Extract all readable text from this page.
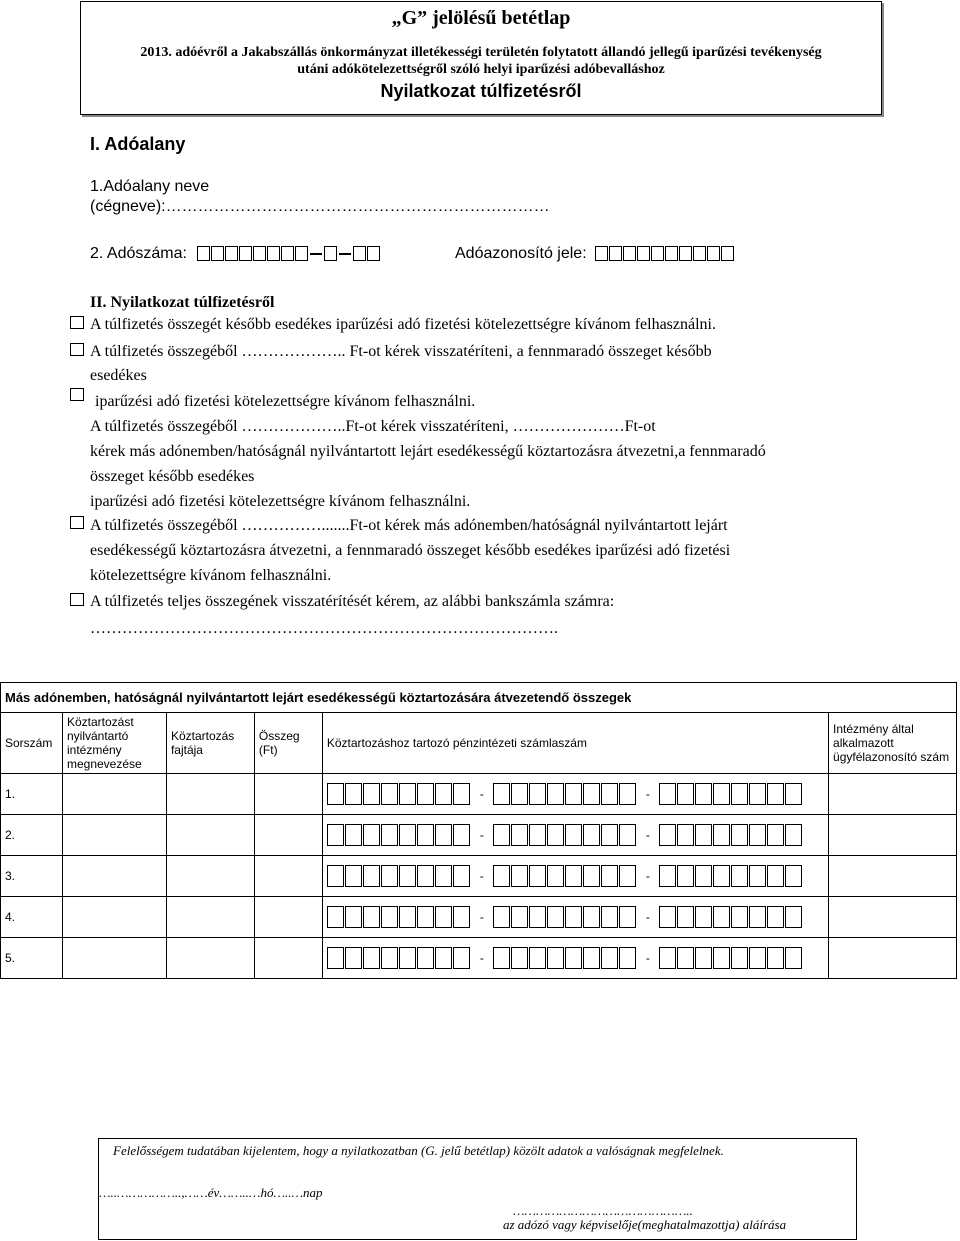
„G” jelölésű betétlap
2013. adóévről a Jakabszállás önkormányzat illetékességi területén folytatott állandó jellegű iparűzési tevékenység
utáni adókötelezettségről szóló helyi iparűzési adóbevalláshoz
Nyilatkozat túlfizetésről
I. Adóalany
1.Adóalany neve
(cégneve):………………………………………………………………
2. Adószáma:	Adóazonosító jele:
II. Nyilatkozat túlfizetésről
A túlfizetés összegét később esedékes iparűzési adó fizetési kötelezettségre kívánom felhasználni.
A túlfizetés összegéből ……………….. Ft-ot kérek visszatéríteni, a fennmaradó összeget később
esedékes
iparűzési adó fizetési kötelezettségre kívánom felhasználni.
A túlfizetés összegéből ………………..Ft-ot kérek visszatéríteni, …………………Ft-ot
kérek más adónemben/hatóságnál nyilvántartott lejárt esedékességű köztartozásra átvezetni,a fennmaradó
összeget később esedékes
iparűzési adó fizetési kötelezettségre kívánom felhasználni.
A túlfizetés összegéből …………….......Ft-ot kérek más adónemben/hatóságnál nyilvántartott lejárt
esedékességű köztartozásra átvezetni, a fennmaradó összeget később esedékes iparűzési adó fizetési
kötelezettségre kívánom felhasználni.
A túlfizetés teljes összegének visszatérítését kérem, az alábbi bankszámla számra:
…………………………………………………………………………….
Más adónemben, hatóságnál nyilvántartott lejárt esedékességű köztartozására átvezetendő összegek					
Sorszám	Köztartozást nyilvántartó intézmény megnevezése	Köztartozás fajtája	Összeg (Ft)	Köztartozáshoz tartozó pénzintézeti számlaszám	Intézmény által alkalmazott ügyfélazonosító szám
1.				- -	
2.				- -	
3.				- -	
4.				- -	
5.				- -	
Felelősségem tudatában kijelentem, hogy a nyilatkozatban (G. jelű betétlap) közölt adatok a valóságnak megfelelnek.
…..……………..,……év……..…hó…..…nap
………………………………………..
az adózó vagy képviselője(meghatalmazottja) aláírása
